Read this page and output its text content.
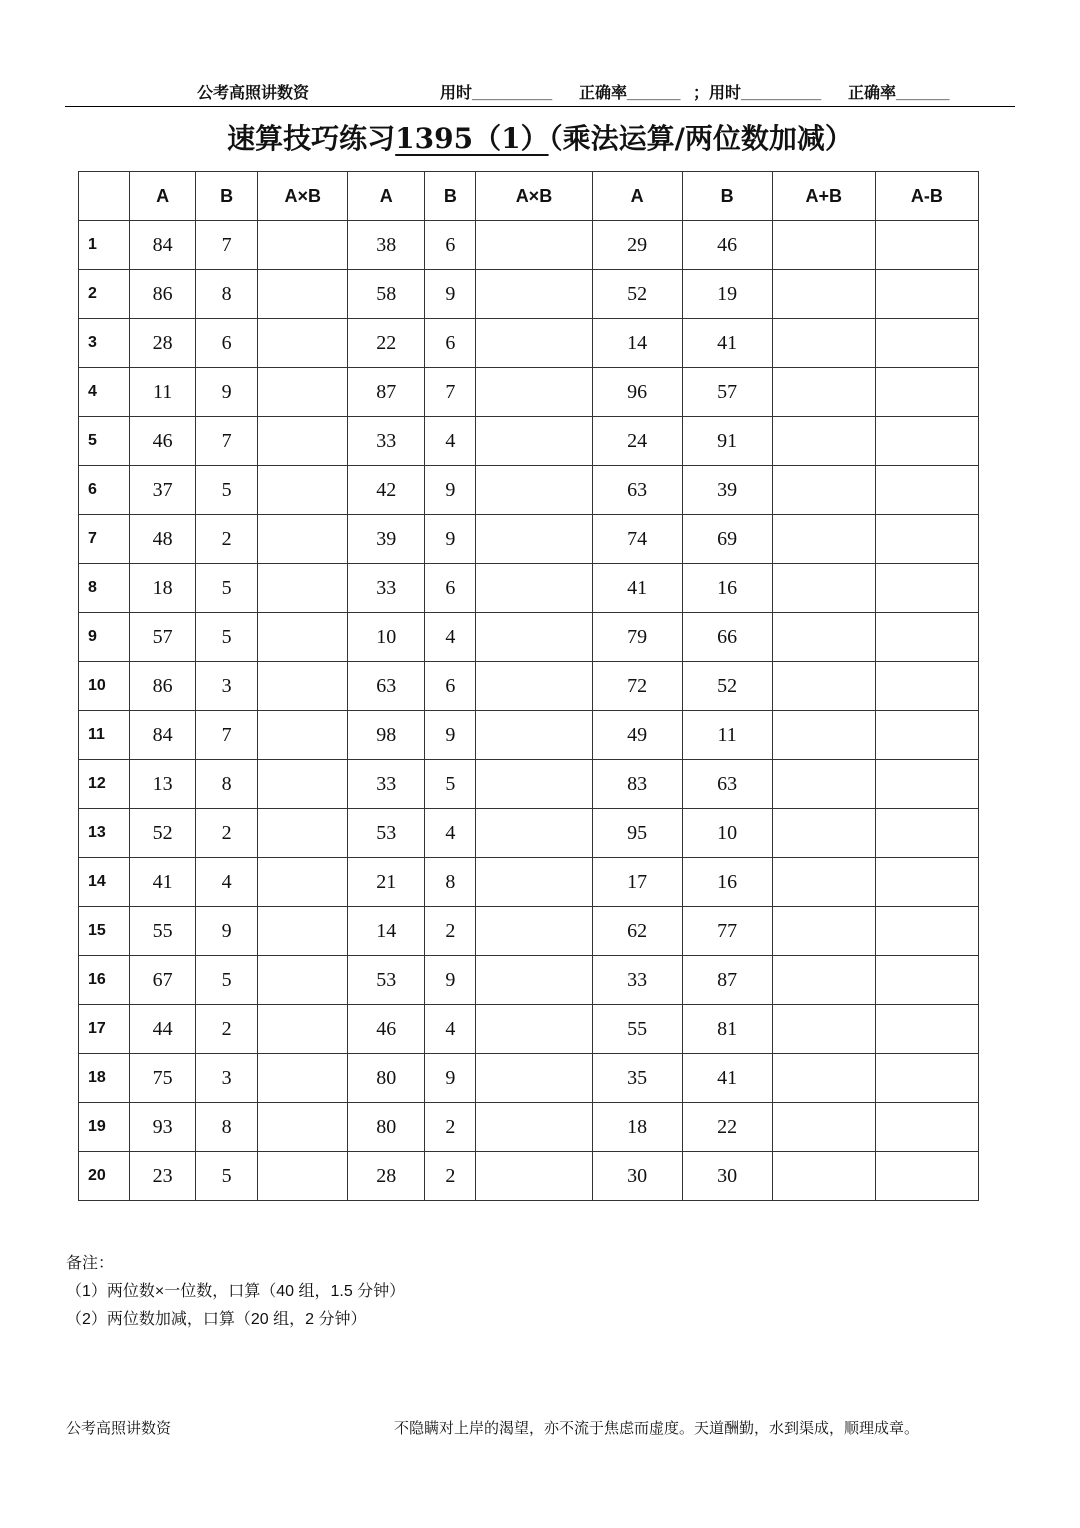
公考高照讲数资	用时_________ 正确率______ ；用时_________ 正确率______
速算技巧练习1395（1）（乘法运算/两位数加减）
	A	B	A×B	A	B	A×B	A	B	A+B	A-B
1	84	7		38	6		29	46		
2	86	8		58	9		52	19		
3	28	6		22	6		14	41		
4	11	9		87	7		96	57		
5	46	7		33	4		24	91		
6	37	5		42	9		63	39		
7	48	2		39	9		74	69		
8	18	5		33	6		41	16		
9	57	5		10	4		79	66		
10	86	3		63	6		72	52		
11	84	7		98	9		49	11		
12	13	8		33	5		83	63		
13	52	2		53	4		95	10		
14	41	4		21	8		17	16		
15	55	9		14	2		62	77		
16	67	5		53	9		33	87		
17	44	2		46	4		55	81		
18	75	3		80	9		35	41		
19	93	8		80	2		18	22		
20	23	5		28	2		30	30		
备注：
（1）两位数×一位数，口算（40 组，1.5 分钟）
（2）两位数加减，口算（20 组，2 分钟）
公考高照讲数资	不隐瞒对上岸的渴望，亦不流于焦虑而虚度。天道酬勤，水到渠成，顺理成章。
